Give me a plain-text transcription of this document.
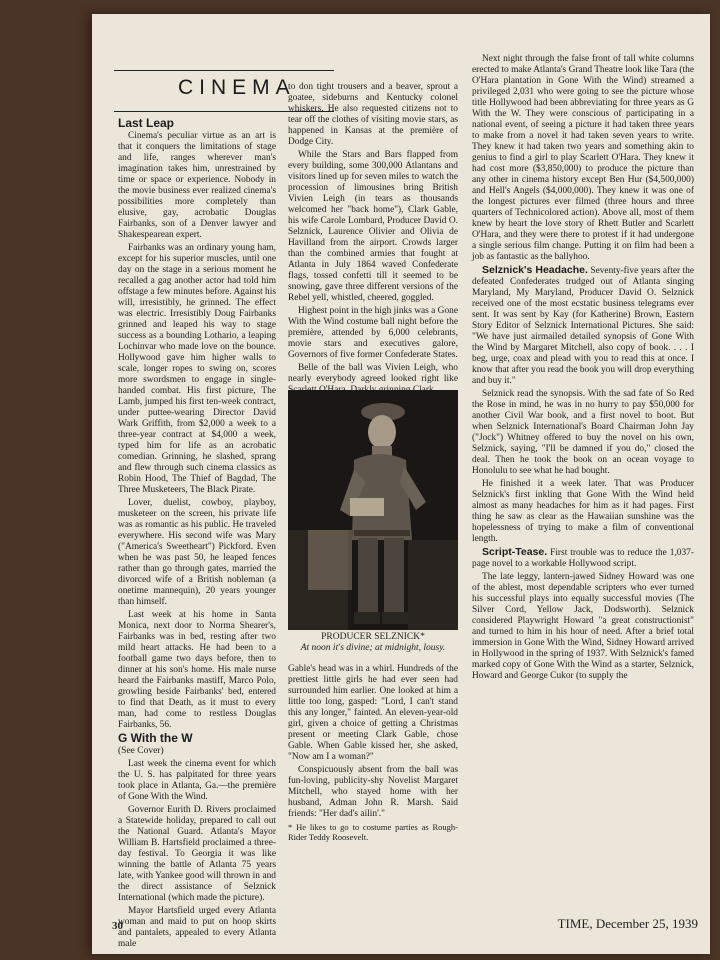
CINEMA

Last Leap

Cinema's peculiar virtue as an art is that it conquers the limitations of stage and life, ranges wherever man's imagination takes him, unrestrained by time or space or experience. Nobody in the movie business ever realized cinema's possibilities more completely than elusive, gay, acrobatic Douglas Fairbanks, son of a Denver lawyer and Shakespearean expert.

Fairbanks was an ordinary young ham, except for his superior muscles, until one day on the stage in a serious moment he recalled a gag another actor had told him offstage a few minutes before. Against his will, irresistibly, he grinned. The effect was electric. Irresistibly Doug Fairbanks grinned and leaped his way to stage success as a bounding Lothario, a leaping Lochinvar who made love on the bounce. Hollywood gave him higher walls to scale, longer ropes to swing on, scores more swordsmen to engage in single-handed combat. His first picture, The Lamb, jumped his first ten-week contract, under puttee-wearing Director David Wark Griffith, from $2,000 a week to a three-year contract at $4,000 a week, typed him for life as an acrobatic comedian. Grinning, he slashed, sprang and flew through such cinema classics as Robin Hood, The Thief of Bagdad, The Three Musketeers, The Black Pirate.

Lover, duelist, cowboy, playboy, musketeer on the screen, his private life was as romantic as his public. He traveled everywhere. His second wife was Mary ("America's Sweetheart") Pickford. Even when he was past 50, he leaped fences rather than go through gates, married the divorced wife of a British nobleman (a onetime mannequin), 20 years younger than himself.

Last week at his home in Santa Monica, next door to Norma Shearer's, Fairbanks was in bed, resting after two mild heart attacks. He had been to a football game two days before, then to dinner at his son's home. His male nurse heard the Fairbanks mastiff, Marco Polo, growling beside Fairbanks' bed, entered to find that Death, as it must to every man, had come to restless Douglas Fairbanks, 56.

G With the W

(See Cover)

Last week the cinema event for which the U. S. has palpitated for three years took place in Atlanta, Ga.—the première of Gone With the Wind.

Governor Eurith D. Rivers proclaimed a Statewide holiday, prepared to call out the National Guard. Atlanta's Mayor William B. Hartsfield proclaimed a three-day festival. To Georgia it was like winning the battle of Atlanta 75 years late, with Yankee good will thrown in and the direct assistance of Selznick International (which made the picture).

Mayor Hartsfield urged every Atlanta woman and maid to put on hoop skirts and pantalets, appealed to every Atlanta male

to don tight trousers and a beaver, sprout a goatee, sideburns and Kentucky colonel whiskers. He also requested citizens not to tear off the clothes of visiting movie stars, as happened in Kansas at the première of Dodge City.

While the Stars and Bars flapped from every building, some 300,000 Atlantans and visitors lined up for seven miles to watch the procession of limousines bring British Vivien Leigh (in tears as thousands welcomed her "back home"), Clark Gable, his wife Carole Lombard, Producer David O. Selznick, Laurence Olivier and Olivia de Havilland from the airport. Crowds larger than the combined armies that fought at Atlanta in July 1864 waved Confederate flags, tossed confetti till it seemed to be snowing, gave three different versions of the Rebel yell, whistled, cheered, goggled.

Highest point in the high jinks was a Gone With the Wind costume ball night before the première, attended by 6,000 celebrants, movie stars and executives galore, Governors of five former Confederate States.

Belle of the ball was Vivien Leigh, who nearly everybody agreed looked right like

PRODUCER SELZNICK*
At noon it's divine; at midnight, lousy.

Gable's head was in a whirl. Hundreds of the prettiest little girls he had ever seen had surrounded him earlier. One looked at him a little too long, gasped: "Lord, I can't stand this any longer," fainted. An eleven-year-old girl, given a choice of getting a Christmas present or meeting Clark Gable, chose Gable. When Gable kissed her, she asked, "Now am I a woman?"

Conspicuously absent from the ball was fun-loving, publicity-shy Novelist Margaret Mitchell, who stayed home with her husband, Adman John R. Marsh. Said friends: "Her dad's ailin'."

* He likes to go to costume parties as Rough-Rider Teddy Roosevelt.

Next night through the false front of tall white columns erected to make Atlanta's Grand Theatre look like Tara (the O'Hara plantation in Gone With the Wind) streamed a privileged 2,031 who were going to see the picture whose title Hollywood had been abbreviating for three years as G With the W. They were conscious of participating in a national event, of seeing a picture it had taken three years to make from a novel it had taken seven years to write. They knew it had taken two years and something akin to genius to find a girl to play Scarlett O'Hara. They knew it had cost more ($3,850,000) to produce the picture than any other in cinema history except Ben Hur ($4,500,000) and Hell's Angels ($4,000,000). They knew it was one of the longest pictures ever filmed (three hours and three quarters of Technicolored action). Above all, most of them knew by heart the love story of Rhett Butler and Scarlett O'Hara, and they were there to protest if it had undergone a single serious film change. Putting it on film had been a job as fantastic as the ballyhoo.

Selznick's Headache. Seventy-five years after the defeated Confederates trudged out of Atlanta singing Maryland, My Maryland, Producer David O. Selznick received one of the most ecstatic business telegrams ever sent. It was sent by Kay (for Katherine) Brown, Eastern Story Editor of Selznick International Pictures. She said: "We have just airmailed detailed synopsis of Gone With the Wind by Margaret Mitchell, also copy of book. . . . I beg, urge, coax and plead with you to read this at once. I know that after you read the book you will drop everything and buy it."

Selznick read the synopsis. With the sad fate of So Red the Rose in mind, he was in no hurry to pay $50,000 for another Civil War book, and a first novel to boot. But when Selznick International's Board Chairman John Jay ("Jock") Whitney offered to buy the novel on his own, Selznick, saying, "I'll be damned if you do," closed the deal. Then he took the book on an ocean voyage to Honolulu to see what he had bought.

He finished it a week later. That was Producer Selznick's first inkling that Gone With the Wind held almost as many headaches for him as it had pages. First thing he saw as clear as the Hawaiian sunshine was the hopelessness of trying to make a film of conventional length.

Script-Tease. First trouble was to reduce the 1,037-page novel to a workable Hollywood script.

The late leggy, lantern-jawed Sidney Howard was one of the ablest, most dependable scripters who ever turned his successful plays into equally successful movies (The Silver Cord, Yellow Jack, Dodsworth). Selznick considered Playwright Howard "a great constructionist" and turned to him in his hour of need. After a brief total immersion in Gone With the Wind, Sidney Howard arrived in Hollywood in the spring of 1937. With Selznick's famed marked copy of Gone With the Wind as a starter, Selznick, Howard and George Cukor (to supply the

30	TIME, December 25, 1939
